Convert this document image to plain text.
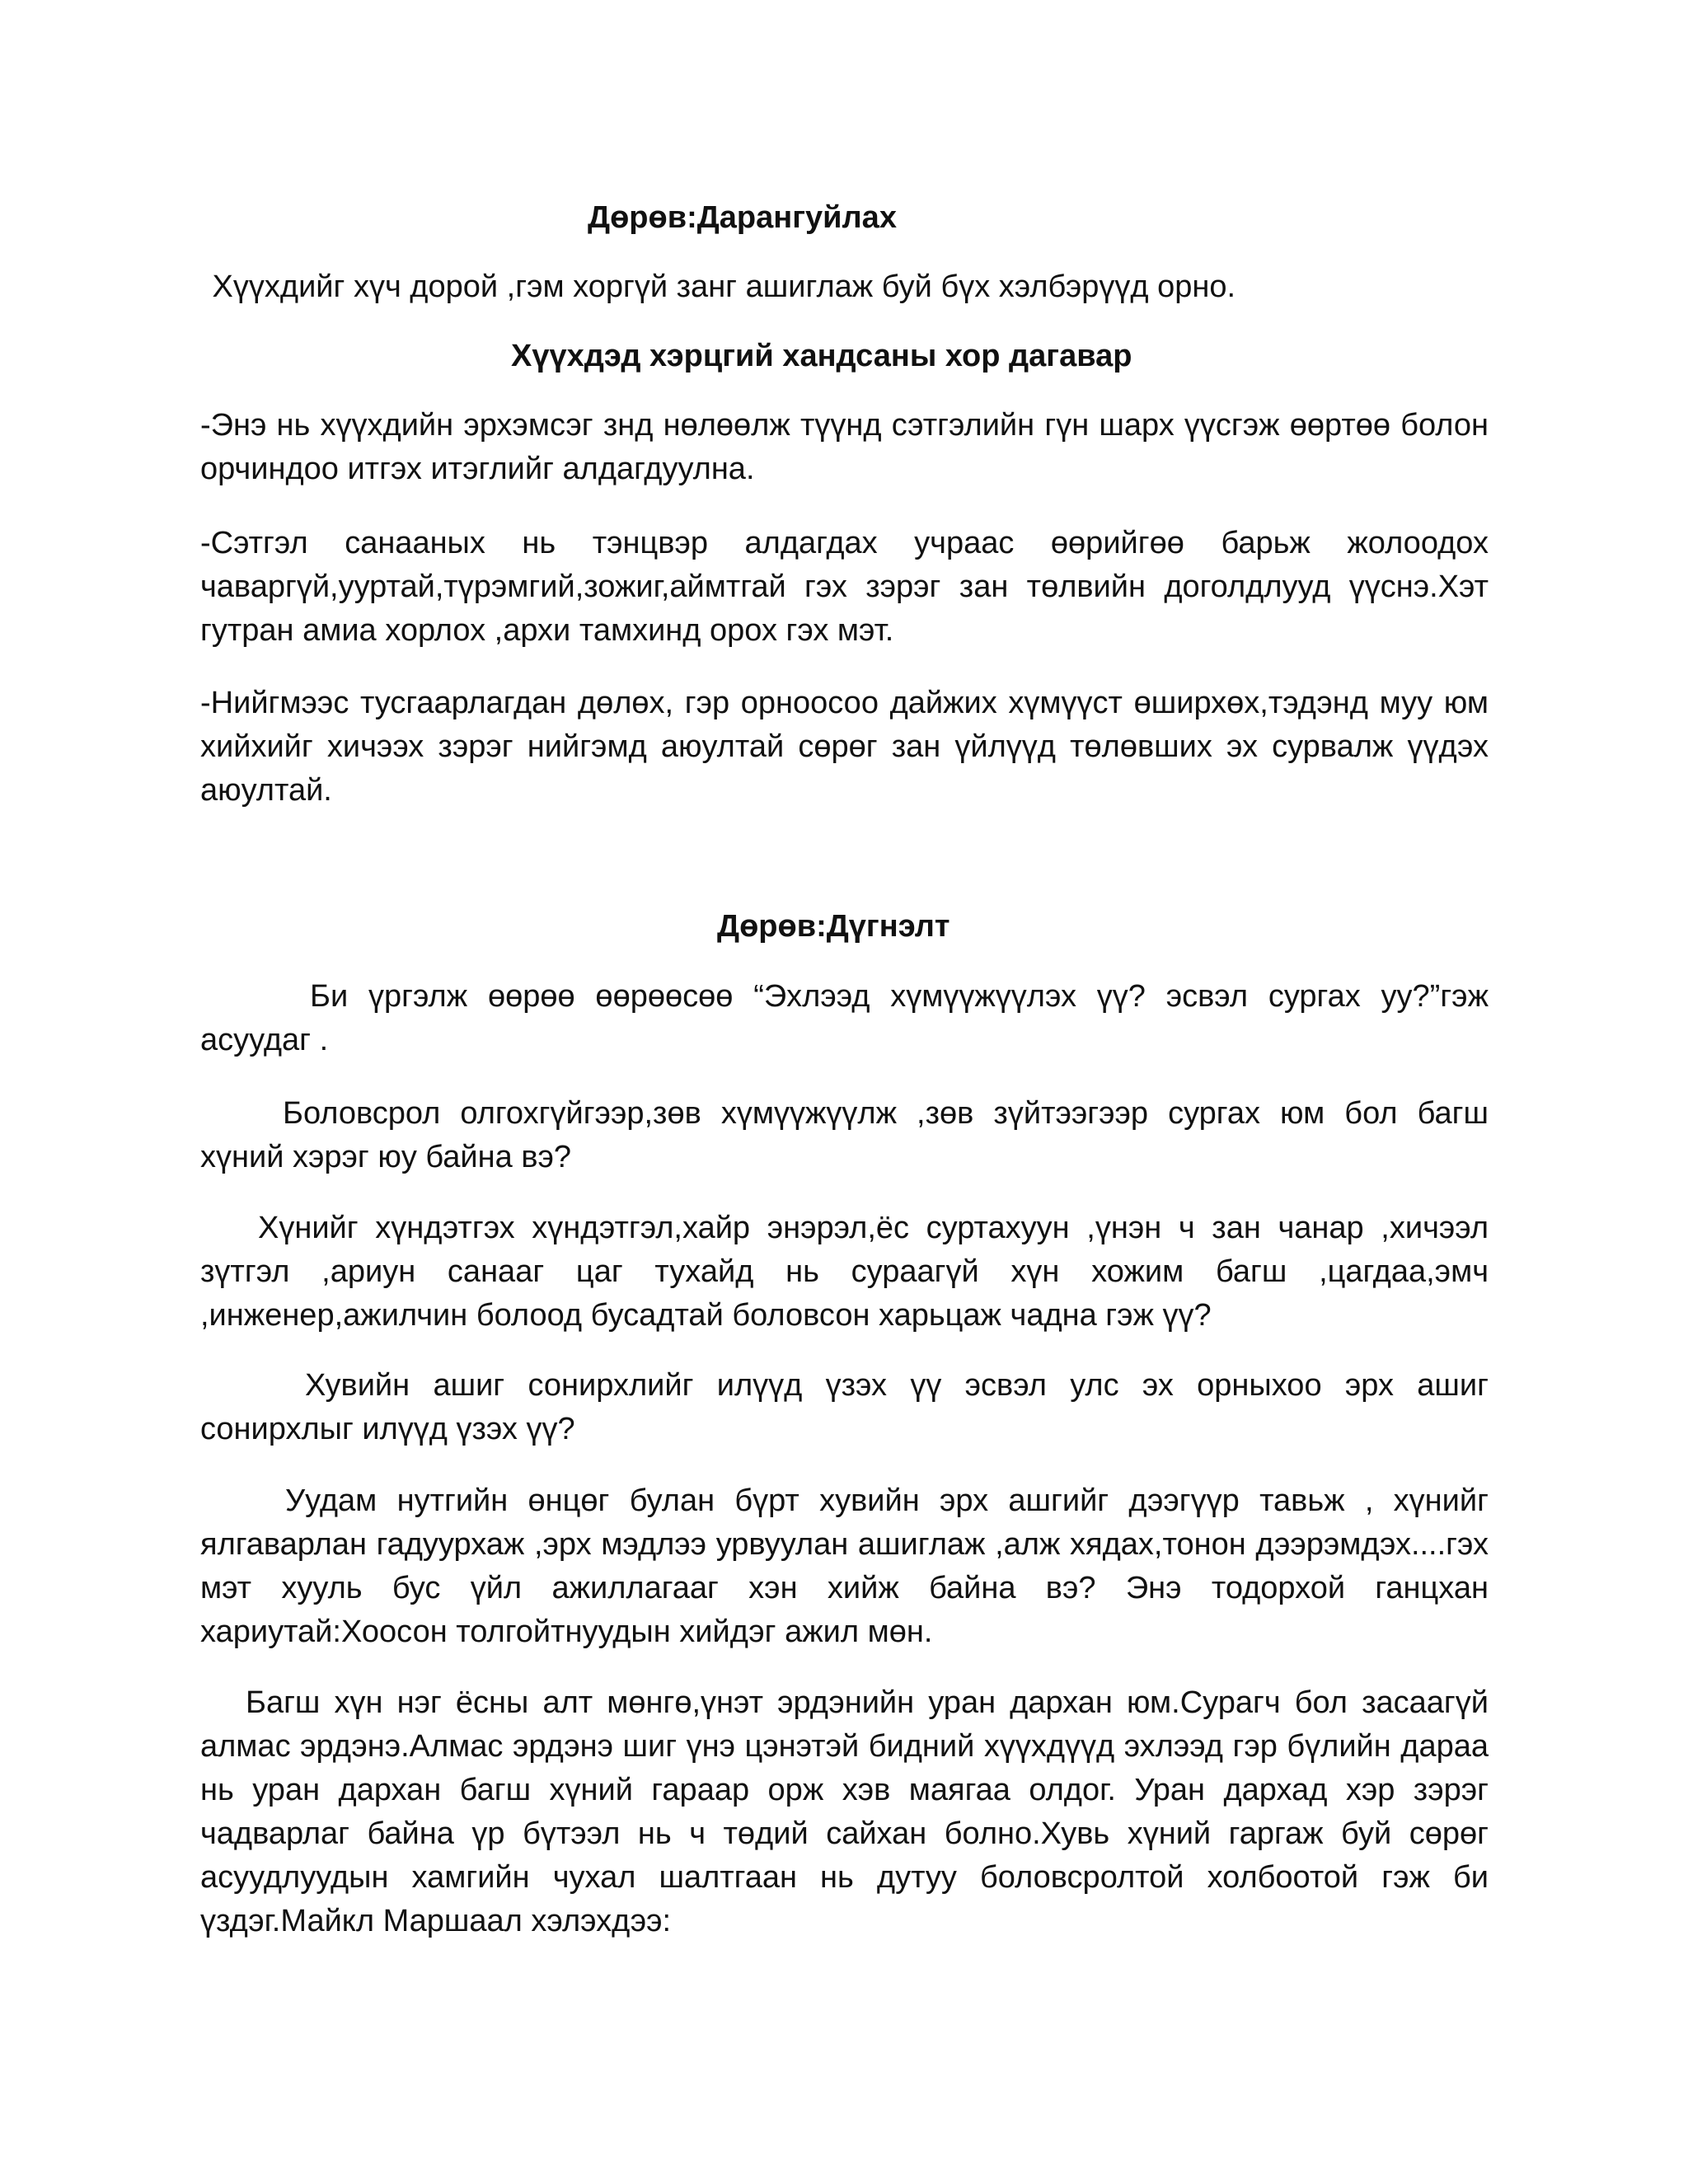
Дөрөв:Дарангуйлах

Хүүхдийг хүч дорой ,гэм хоргүй занг ашиглаж буй бүх хэлбэрүүд орно.

Хүүхдэд хэрцгий хандсаны хор дагавар

-Энэ нь хүүхдийн эрхэмсэг знд нөлөөлж түүнд сэтгэлийн гүн шарх үүсгэж өөртөө болон орчиндоо итгэх итэглийг алдагдуулна.

-Сэтгэл санааных нь тэнцвэр алдагдах учраас өөрийгөө барьж жолоодох чаваргүй,ууртай,түрэмгий,зожиг,аймтгай гэх зэрэг зан төлвийн доголдлууд үүснэ.Хэт гутран амиа хорлох ,архи тамхинд орох гэх мэт.

-Нийгмээс тусгаарлагдан дөлөх, гэр орноосоо дайжих хүмүүст өширхөх,тэдэнд муу юм хийхийг хичээх зэрэг нийгэмд аюултай сөрөг зан үйлүүд төлөвших эх сурвалж үүдэх аюултай.

Дөрөв:Дүгнэлт

Би үргэлж өөрөө өөрөөсөө “Эхлээд хүмүүжүүлэх үү? эсвэл сургах уу?”гэж асуудаг .

Боловсрол олгохгүйгээр,зөв хүмүүжүүлж ,зөв зүйтээгээр сургах юм бол багш хүний хэрэг юу байна вэ?

Хүнийг хүндэтгэх хүндэтгэл,хайр энэрэл,ёс суртахуун ,үнэн ч зан чанар ,хичээл зүтгэл ,ариун санааг цаг тухайд нь сураагүй хүн хожим багш ,цагдаа,эмч ,инженер,ажилчин болоод бусадтай боловсон харьцаж чадна гэж үү?

Хувийн ашиг сонирхлийг илүүд үзэх үү эсвэл улс эх орныхоо эрх ашиг сонирхлыг илүүд үзэх үү?

Уудам нутгийн өнцөг булан бүрт хувийн эрх ашгийг дээгүүр тавьж , хүнийг ялгаварлан гадуурхаж ,эрх мэдлээ урвуулан ашиглаж ,алж хядах,тонон дээрэмдэх....гэх мэт хууль бус үйл ажиллагааг хэн хийж байна вэ? Энэ тодорхой ганцхан хариутай:Хоосон толгойтнуудын хийдэг ажил мөн.

Багш хүн нэг ёсны алт мөнгө,үнэт эрдэнийн уран дархан юм.Сурагч бол засаагүй алмас эрдэнэ.Алмас эрдэнэ шиг үнэ цэнэтэй бидний хүүхдүүд эхлээд гэр бүлийн дараа нь уран дархан багш хүний гараар орж хэв маягаа олдог. Уран дархад хэр зэрэг чадварлаг байна үр бүтээл нь ч төдий сайхан болно.Хувь хүний гаргаж буй сөрөг асуудлуудын хамгийн чухал шалтгаан нь дутуу боловсролтой холбоотой гэж би үздэг.Майкл Маршаал хэлэхдээ:
